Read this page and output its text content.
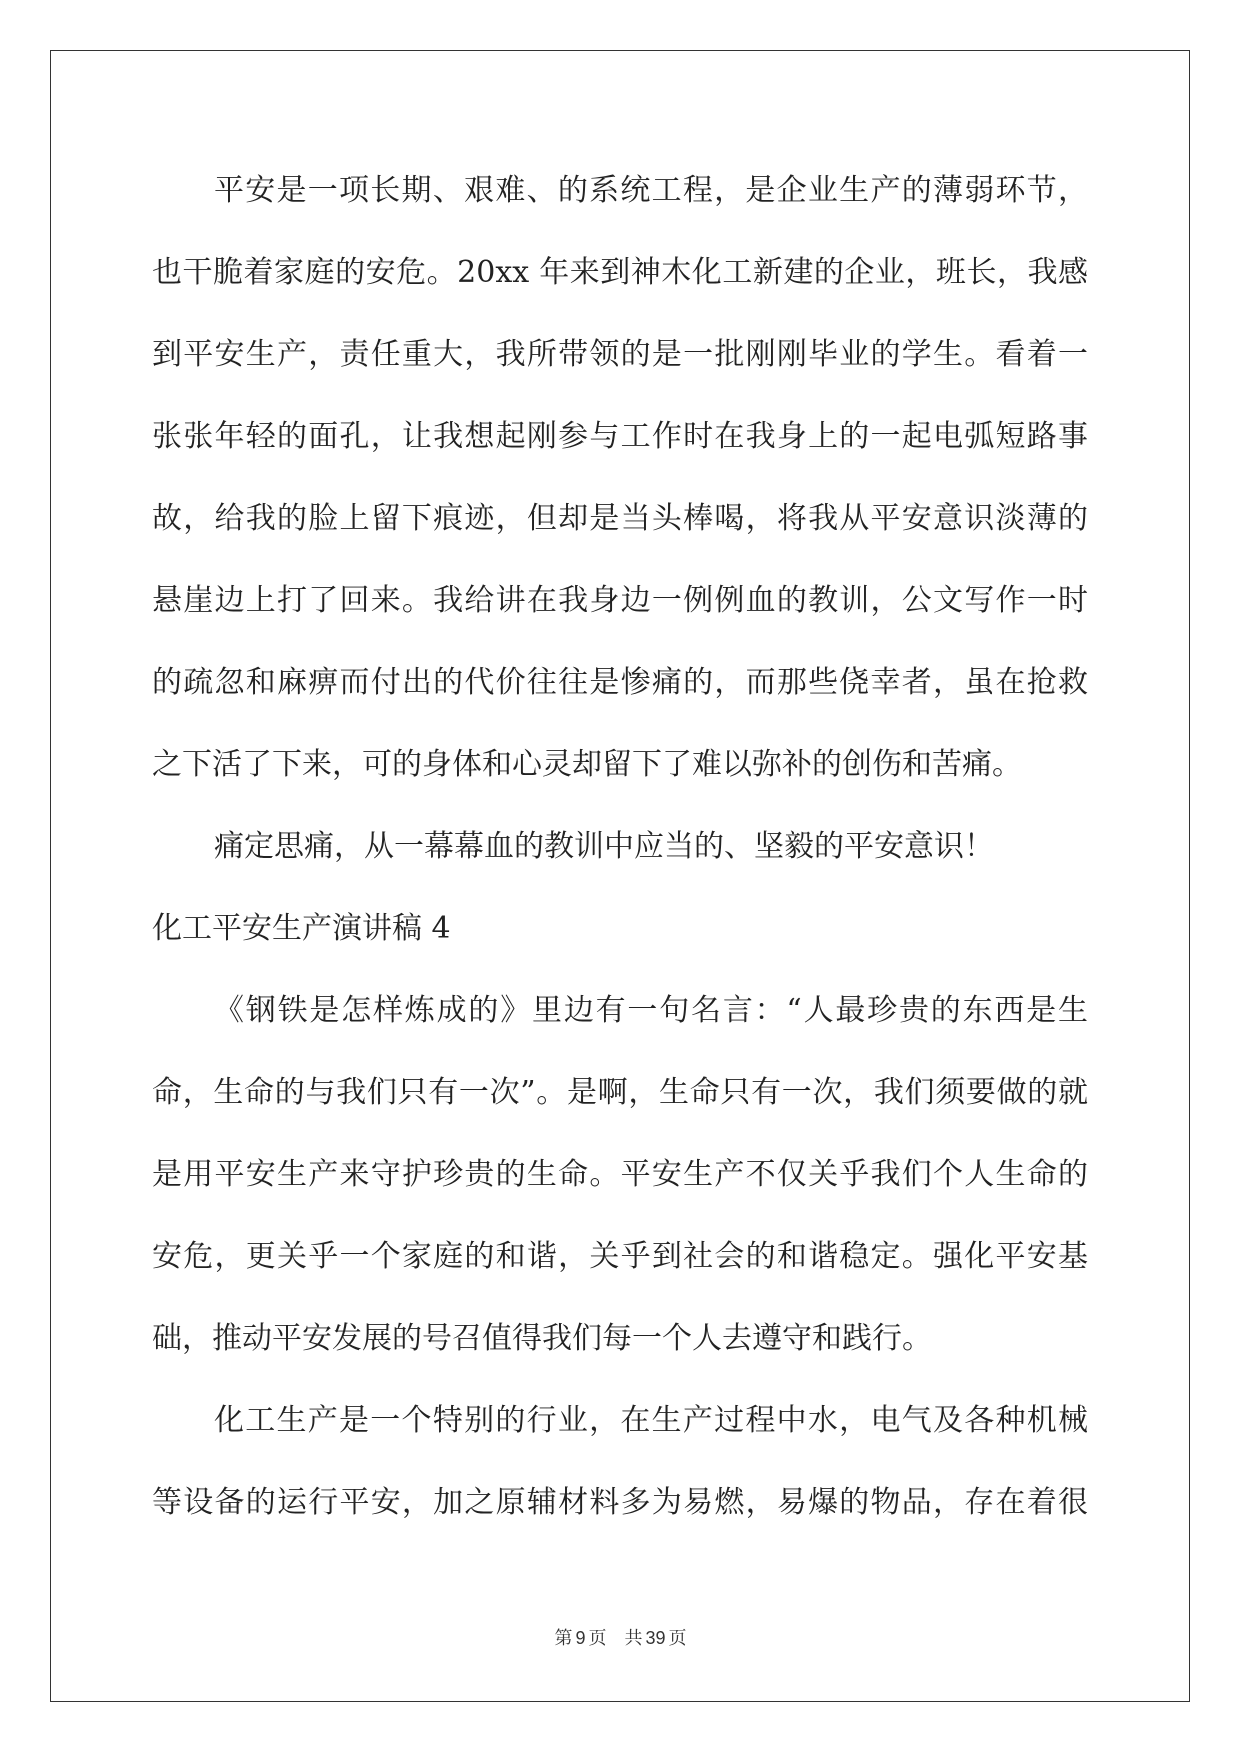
平安是一项长期、艰难、的系统工程，是企业生产的薄弱环节，
也干脆着家庭的安危。20xx 年来到神木化工新建的企业，班长，我感
到平安生产，责任重大，我所带领的是一批刚刚毕业的学生。看着一
张张年轻的面孔，让我想起刚参与工作时在我身上的一起电弧短路事
故，给我的脸上留下痕迹，但却是当头棒喝，将我从平安意识淡薄的
悬崖边上打了回来。我给讲在我身边一例例血的教训，公文写作一时
的疏忽和麻痹而付出的代价往往是惨痛的，而那些侥幸者，虽在抢救
之下活了下来，可的身体和心灵却留下了难以弥补的创伤和苦痛。
痛定思痛，从一幕幕血的教训中应当的、坚毅的平安意识！
化工平安生产演讲稿 4
《钢铁是怎样炼成的》里边有一句名言：“人最珍贵的东西是生
命，生命的与我们只有一次”。是啊，生命只有一次，我们须要做的就
是用平安生产来守护珍贵的生命。平安生产不仅关乎我们个人生命的
安危，更关乎一个家庭的和谐，关乎到社会的和谐稳定。强化平安基
础，推动平安发展的号召值得我们每一个人去遵守和践行。
化工生产是一个特别的行业，在生产过程中水，电气及各种机械
等设备的运行平安，加之原辅材料多为易燃，易爆的物品，存在着很
第 9 页 共 39 页
